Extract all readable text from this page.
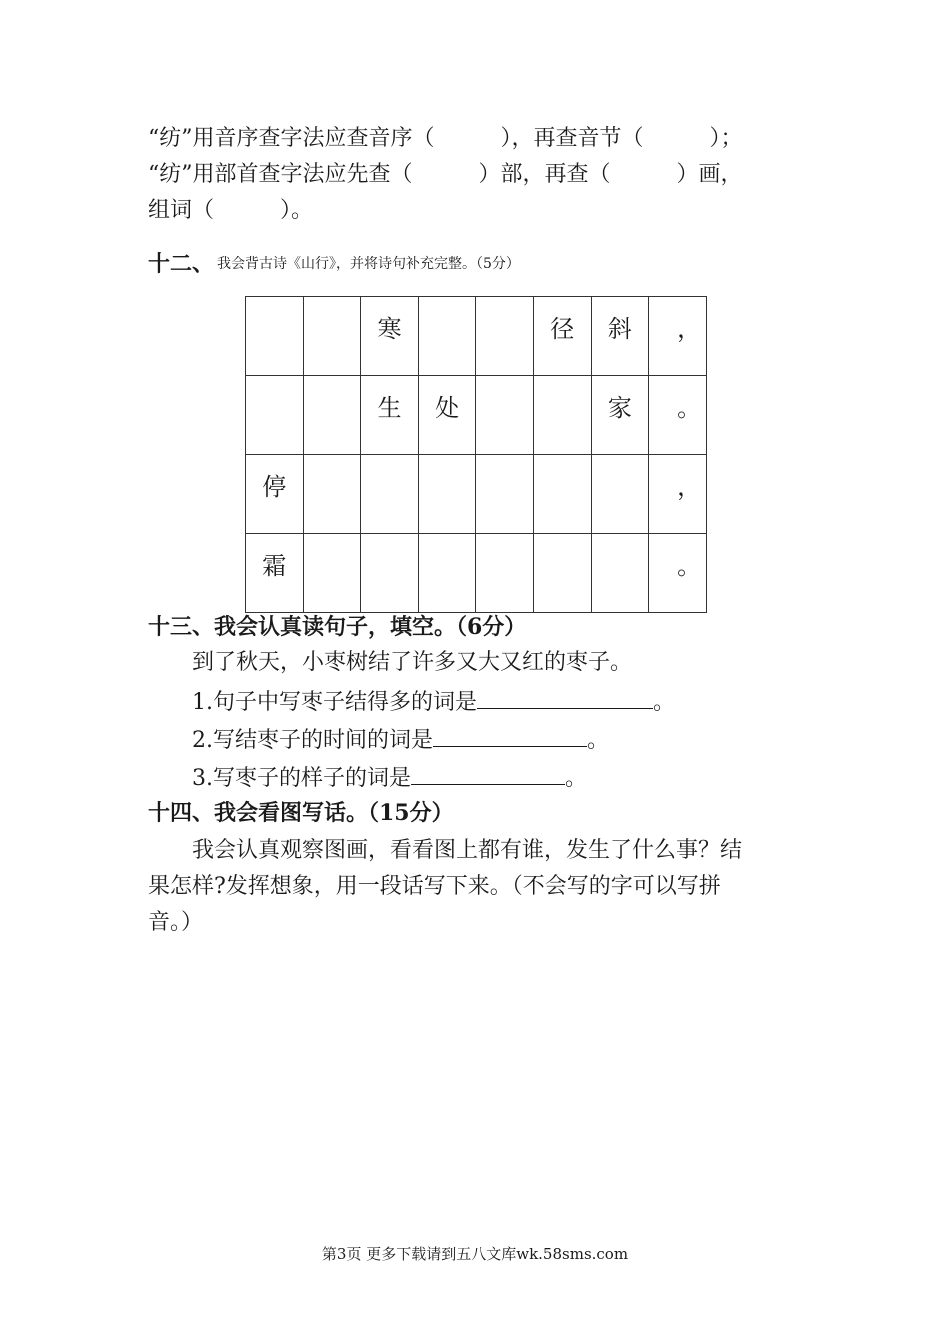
“纺”用音序查字法应查音序（　　　），再查音节（　　　）；
“纺”用部首查字法应先查（　　　）部，再查（　　　）画，
组词（　　　）。
十二、 我会背古诗《山行》，并将诗句补充完整。（5分）

		寒			径	斜	，

		生	处			家	。

停							，

霜							。
十三、我会认真读句子，填空。（6分）
到了秋天，小枣树结了许多又大又红的枣子。
1.句子中写枣子结得多的词是	。
2.写结枣子的时间的词是	。
3.写枣子的样子的词是	。
十四、我会看图写话。（15分）
我会认真观察图画，看看图上都有谁，发生了什么事？结
果怎样?发挥想象，用一段话写下来。（不会写的字可以写拼
音。）
第3页 更多下载请到五八文库wk.58sms.com
